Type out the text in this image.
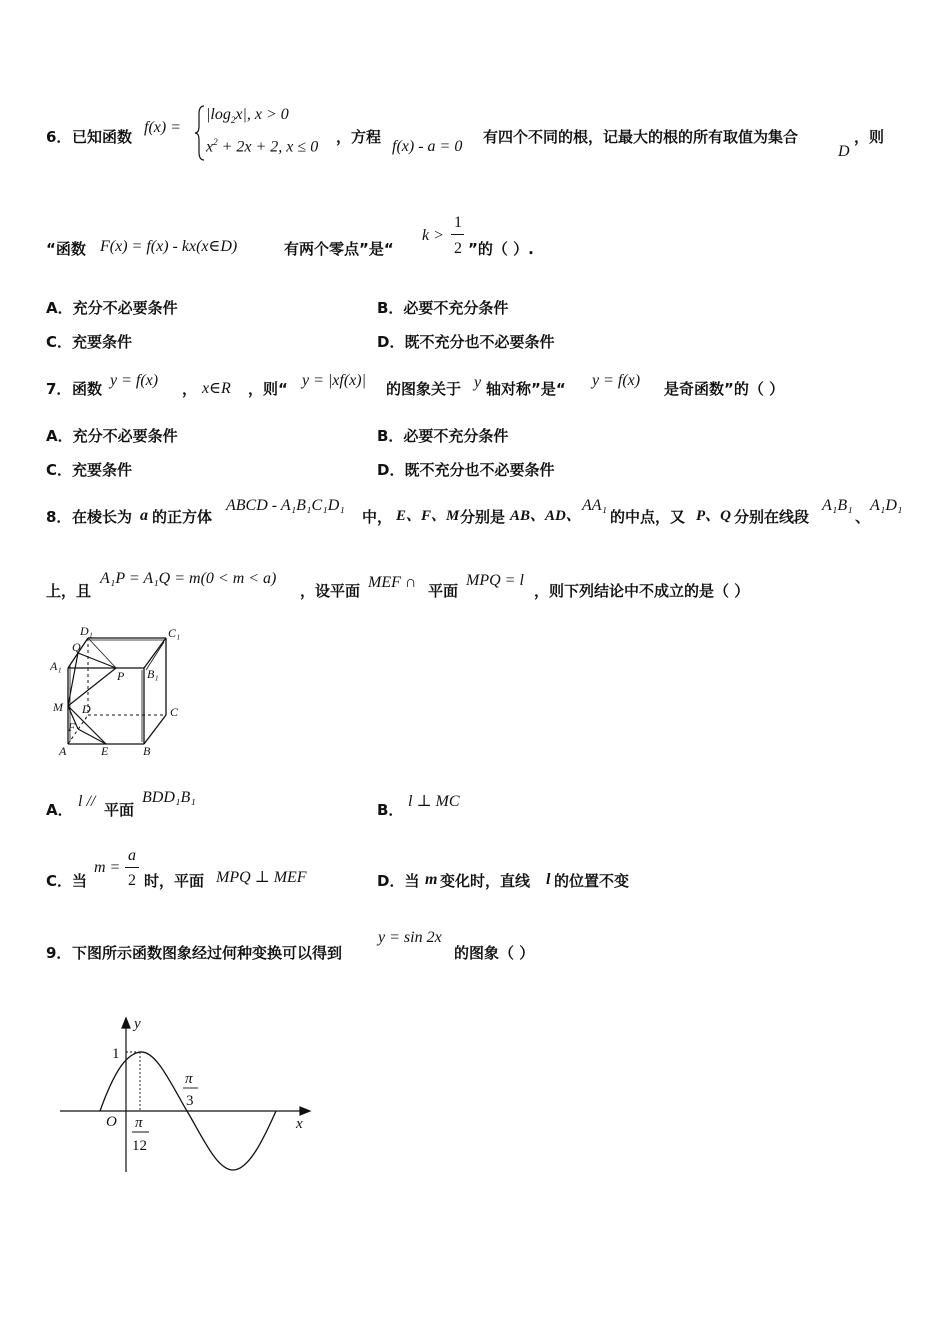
6． 已知函数
f(x) =
$|\log_2x|$, x > 0
$x^2 + 2x + 2$, x ≤ 0
，方程
f(x) - a = 0
有四个不同的根，记最大的根的所有取值为集合
D
，则
“函数 F(x) = f(x) - kx(x∈D)	有两个零点”是“
k >
1
2 ”的（ ）.
A．充分不必要条件	B．必要不充分条件
C．充要条件	D．既不充分也不必要条件
7． 函数 y = f(x) ， x∈R ，则“ y = |xf(x)| 的图象关于 y 轴对称”是“ y = f(x) 是奇函数”的（ ）
A．充分不必要条件	B．必要不充分条件
C．充要条件	D．既不充分也不必要条件
8． 在棱长为 a 的正方体
ABCD - A₁B₁C₁D₁
中， E、F、M 分别是 AB、AD、
AA₁
的中点，又 P、Q 分别在线段
A₁B₁
、
A₁D₁
上，且
A₁P = A₁Q = m(0 < m < a)
，设平面 MEF ∩ 平面
MPQ = l
，则下列结论中不成立的是（ ）
D₁	C₁
Q
A₁
P B₁
M D	C
F
A	E	B
A． l // 平面
BDD₁B₁
B． l ⊥ MC
C．当
m =
a
2 时，平面 MPQ ⊥ MEF	D．当 m 变化时，直线 l 的位置不变
9． 下图所示函数图象经过何种变换可以得到
y = sin 2x
的图象（ ）
y
x
O
1
π
12
π
3
